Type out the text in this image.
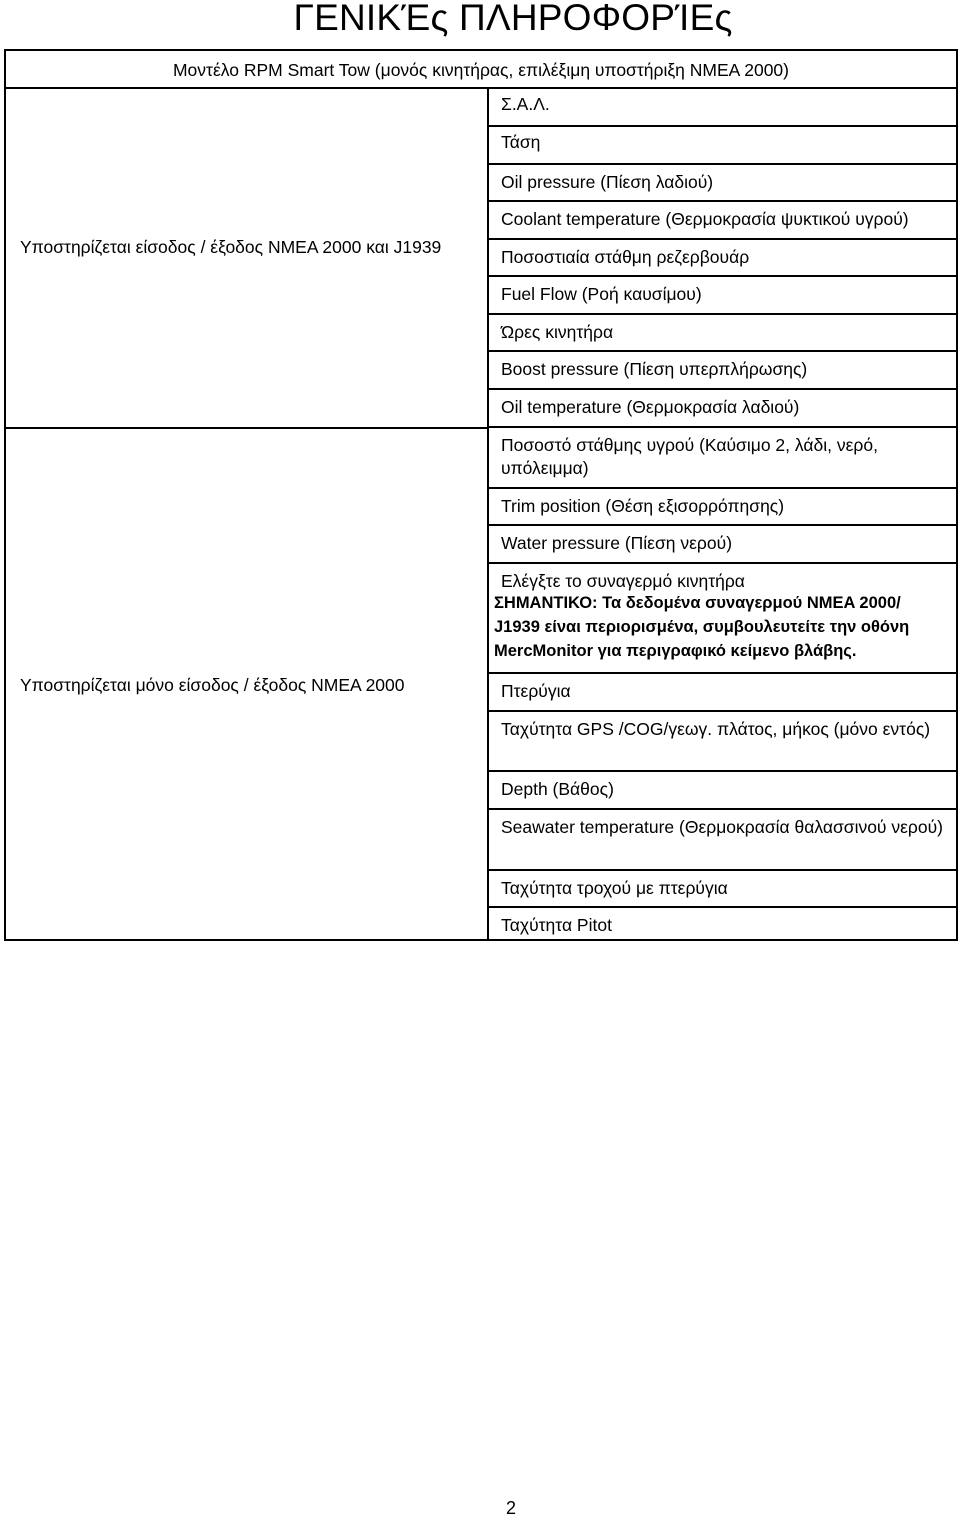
ΓΕΝΙΚΈς ΠΛΗΡΟΦΟΡΊΕς
Μοντέλο RPM Smart Tow (μονός κινητήρας, επιλέξιμη υποστήριξη NMEA 2000)
Υποστηρίζεται είσοδος / έξοδος NMEA 2000 και J1939
Υποστηρίζεται μόνο είσοδος / έξοδος NMEA 2000
Σ.Α.Λ.
Τάση
Oil pressure (Πίεση λαδιού)
Coolant temperature (Θερμοκρασία ψυκτικού υγρού)
Ποσοστιαία στάθμη ρεζερβουάρ
Fuel Flow (Ροή καυσίμου)
Ώρες κινητήρα
Boost pressure (Πίεση υπερπλήρωσης)
Oil temperature (Θερμοκρασία λαδιού)
Ποσοστό στάθμης υγρού (Καύσιμο 2, λάδι, νερό, υπόλειμμα)
Trim position (Θέση εξισορρόπησης)
Water pressure (Πίεση νερού)
Ελέγξτε το συναγερμό κινητήρα
ΣΗΜΑΝΤΙΚΟ: Τα δεδομένα συναγερμού NMEA 2000/
J1939 είναι περιορισμένα, συμβουλευτείτε την οθόνη
MercMonitor για περιγραφικό κείμενο βλάβης.
Πτερύγια
Ταχύτητα GPS /COG/γεωγ. πλάτος, μήκος (μόνο εντός)
Depth (Βάθος)
Seawater temperature (Θερμοκρασία θαλασσινού νερού)
Ταχύτητα τροχού με πτερύγια
Ταχύτητα Pitot
2
